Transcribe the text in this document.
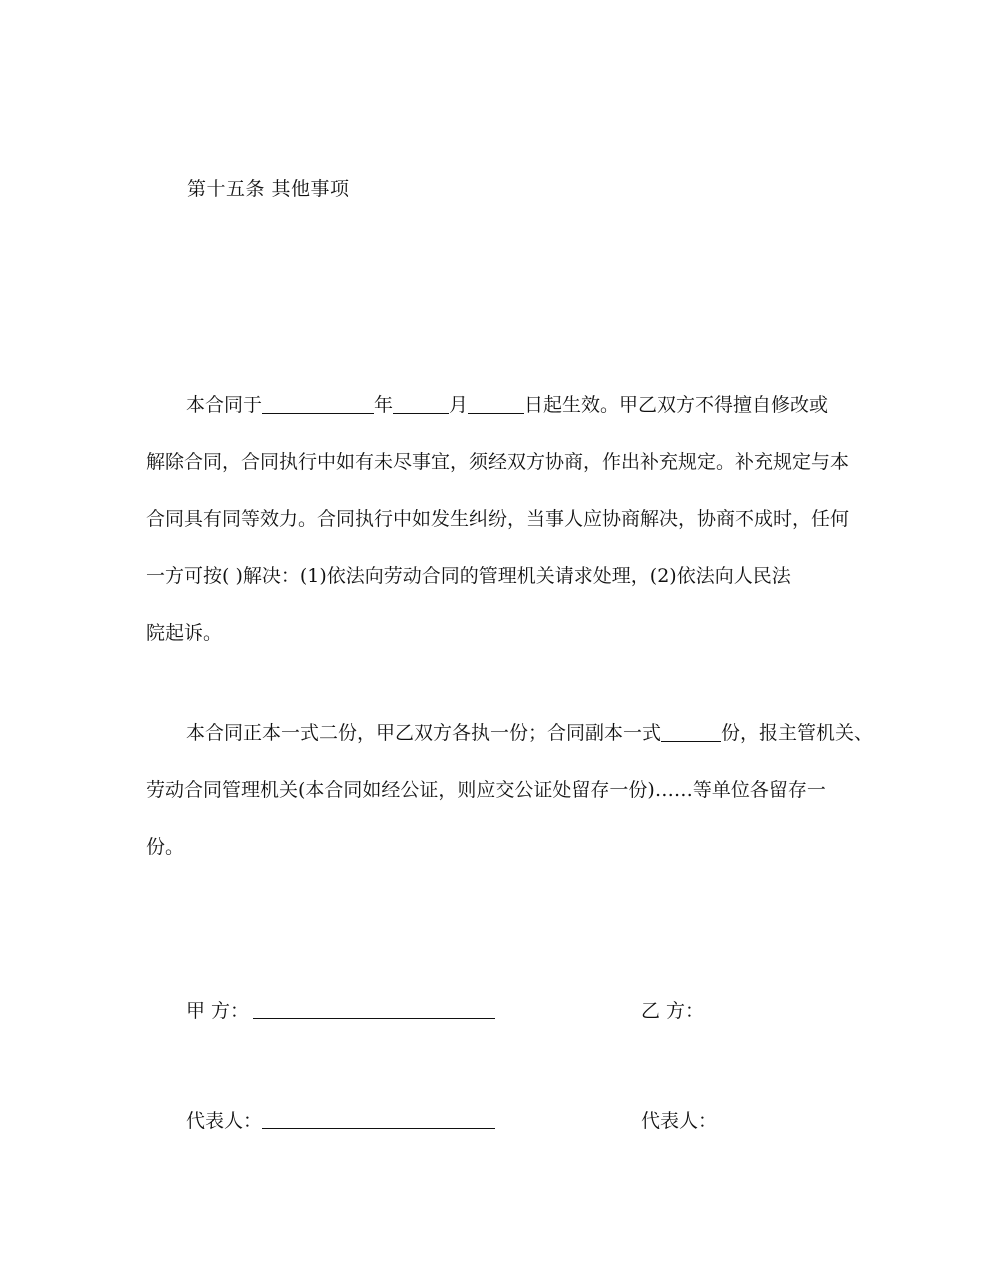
第十五条 其他事项
本合同于	年	月	日起生效。甲乙双方不得擅自修改或
解除合同，合同执行中如有未尽事宜，须经双方协商，作出补充规定。补充规定与本
合同具有同等效力。合同执行中如发生纠纷，当事人应协商解决，协商不成时，任何
一方可按( )解决：(1)依法向劳动合同的管理机关请求处理，(2)依法向人民法
院起诉。
本合同正本一式二份，甲乙双方各执一份；合同副本一式	份，报主管机关、
劳动合同管理机关(本合同如经公证，则应交公证处留存一份)……等单位各留存一
份。
甲 方：	乙 方：
代表人：	代表人：
